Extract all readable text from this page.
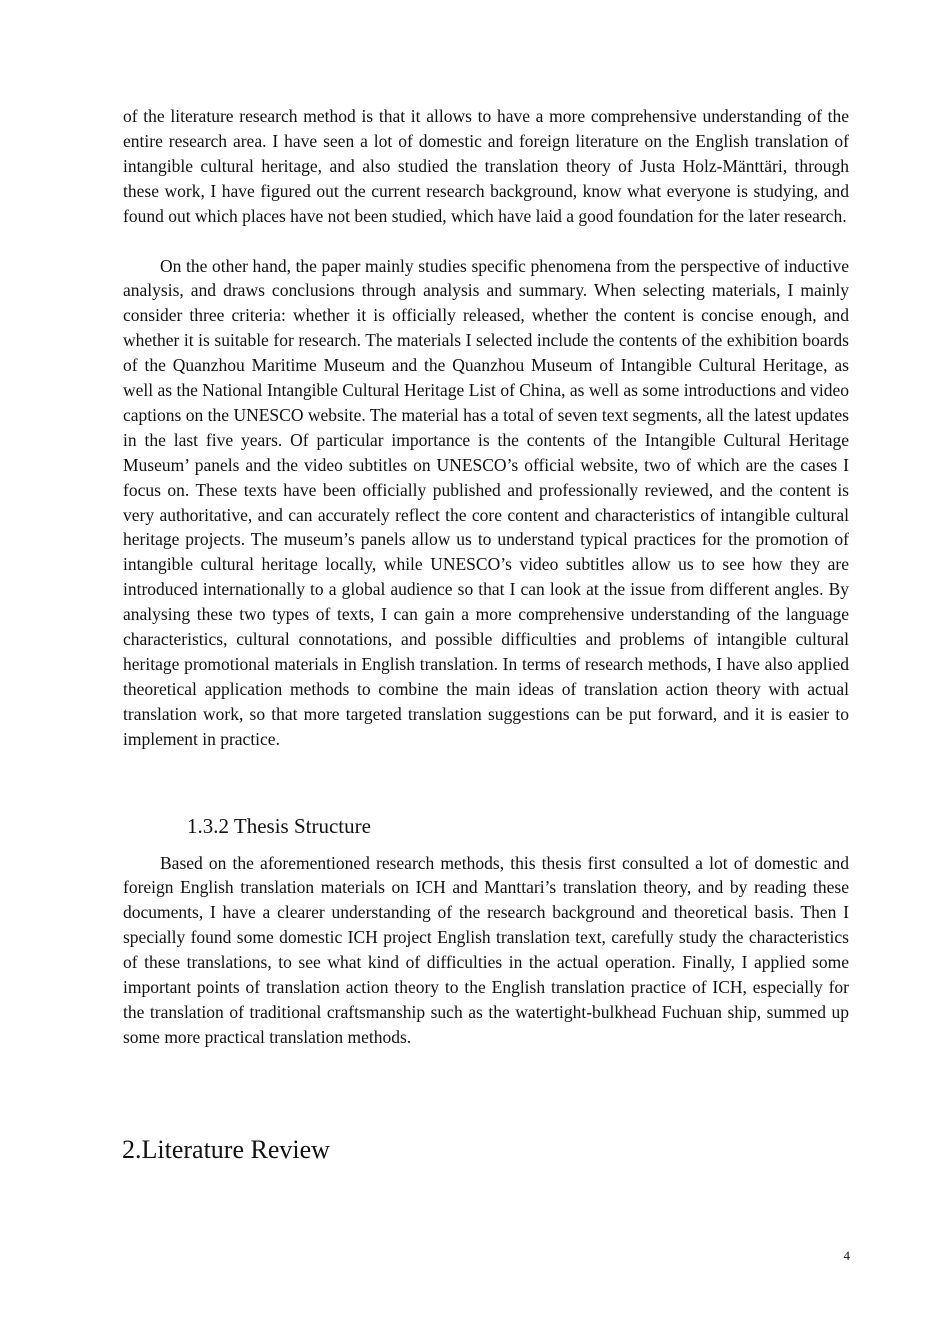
of the literature research method is that it allows to have a more comprehensive understanding of the entire research area. I have seen a lot of domestic and foreign literature on the English translation of intangible cultural heritage, and also studied the translation theory of Justa Holz-Mänttäri, through these work, I have figured out the current research background, know what everyone is studying, and found out which places have not been studied, which have laid a good foundation for the later research.

On the other hand, the paper mainly studies specific phenomena from the perspective of inductive analysis, and draws conclusions through analysis and summary. When selecting materials, I mainly consider three criteria: whether it is officially released, whether the content is concise enough, and whether it is suitable for research. The materials I selected include the contents of the exhibition boards of the Quanzhou Maritime Museum and the Quanzhou Museum of Intangible Cultural Heritage, as well as the National Intangible Cultural Heritage List of China, as well as some introductions and video captions on the UNESCO website. The material has a total of seven text segments, all the latest updates in the last five years. Of particular importance is the contents of the Intangible Cultural Heritage Museum’ panels and the video subtitles on UNESCO’s official website, two of which are the cases I focus on. These texts have been officially published and professionally reviewed, and the content is very authoritative, and can accurately reflect the core content and characteristics of intangible cultural heritage projects. The museum’s panels allow us to understand typical practices for the promotion of intangible cultural heritage locally, while UNESCO’s video subtitles allow us to see how they are introduced internationally to a global audience so that I can look at the issue from different angles. By analysing these two types of texts, I can gain a more comprehensive understanding of the language characteristics, cultural connotations, and possible difficulties and problems of intangible cultural heritage promotional materials in English translation. In terms of research methods, I have also applied theoretical application methods to combine the main ideas of translation action theory with actual translation work, so that more targeted translation suggestions can be put forward, and it is easier to implement in practice.

1.3.2 Thesis Structure

Based on the aforementioned research methods, this thesis first consulted a lot of domestic and foreign English translation materials on ICH and Manttari’s translation theory, and by reading these documents, I have a clearer understanding of the research background and theoretical basis. Then I specially found some domestic ICH project English translation text, carefully study the characteristics of these translations, to see what kind of difficulties in the actual operation. Finally, I applied some important points of translation action theory to the English translation practice of ICH, especially for the translation of traditional craftsmanship such as the watertight-bulkhead Fuchuan ship, summed up some more practical translation methods.

2.Literature Review
4
